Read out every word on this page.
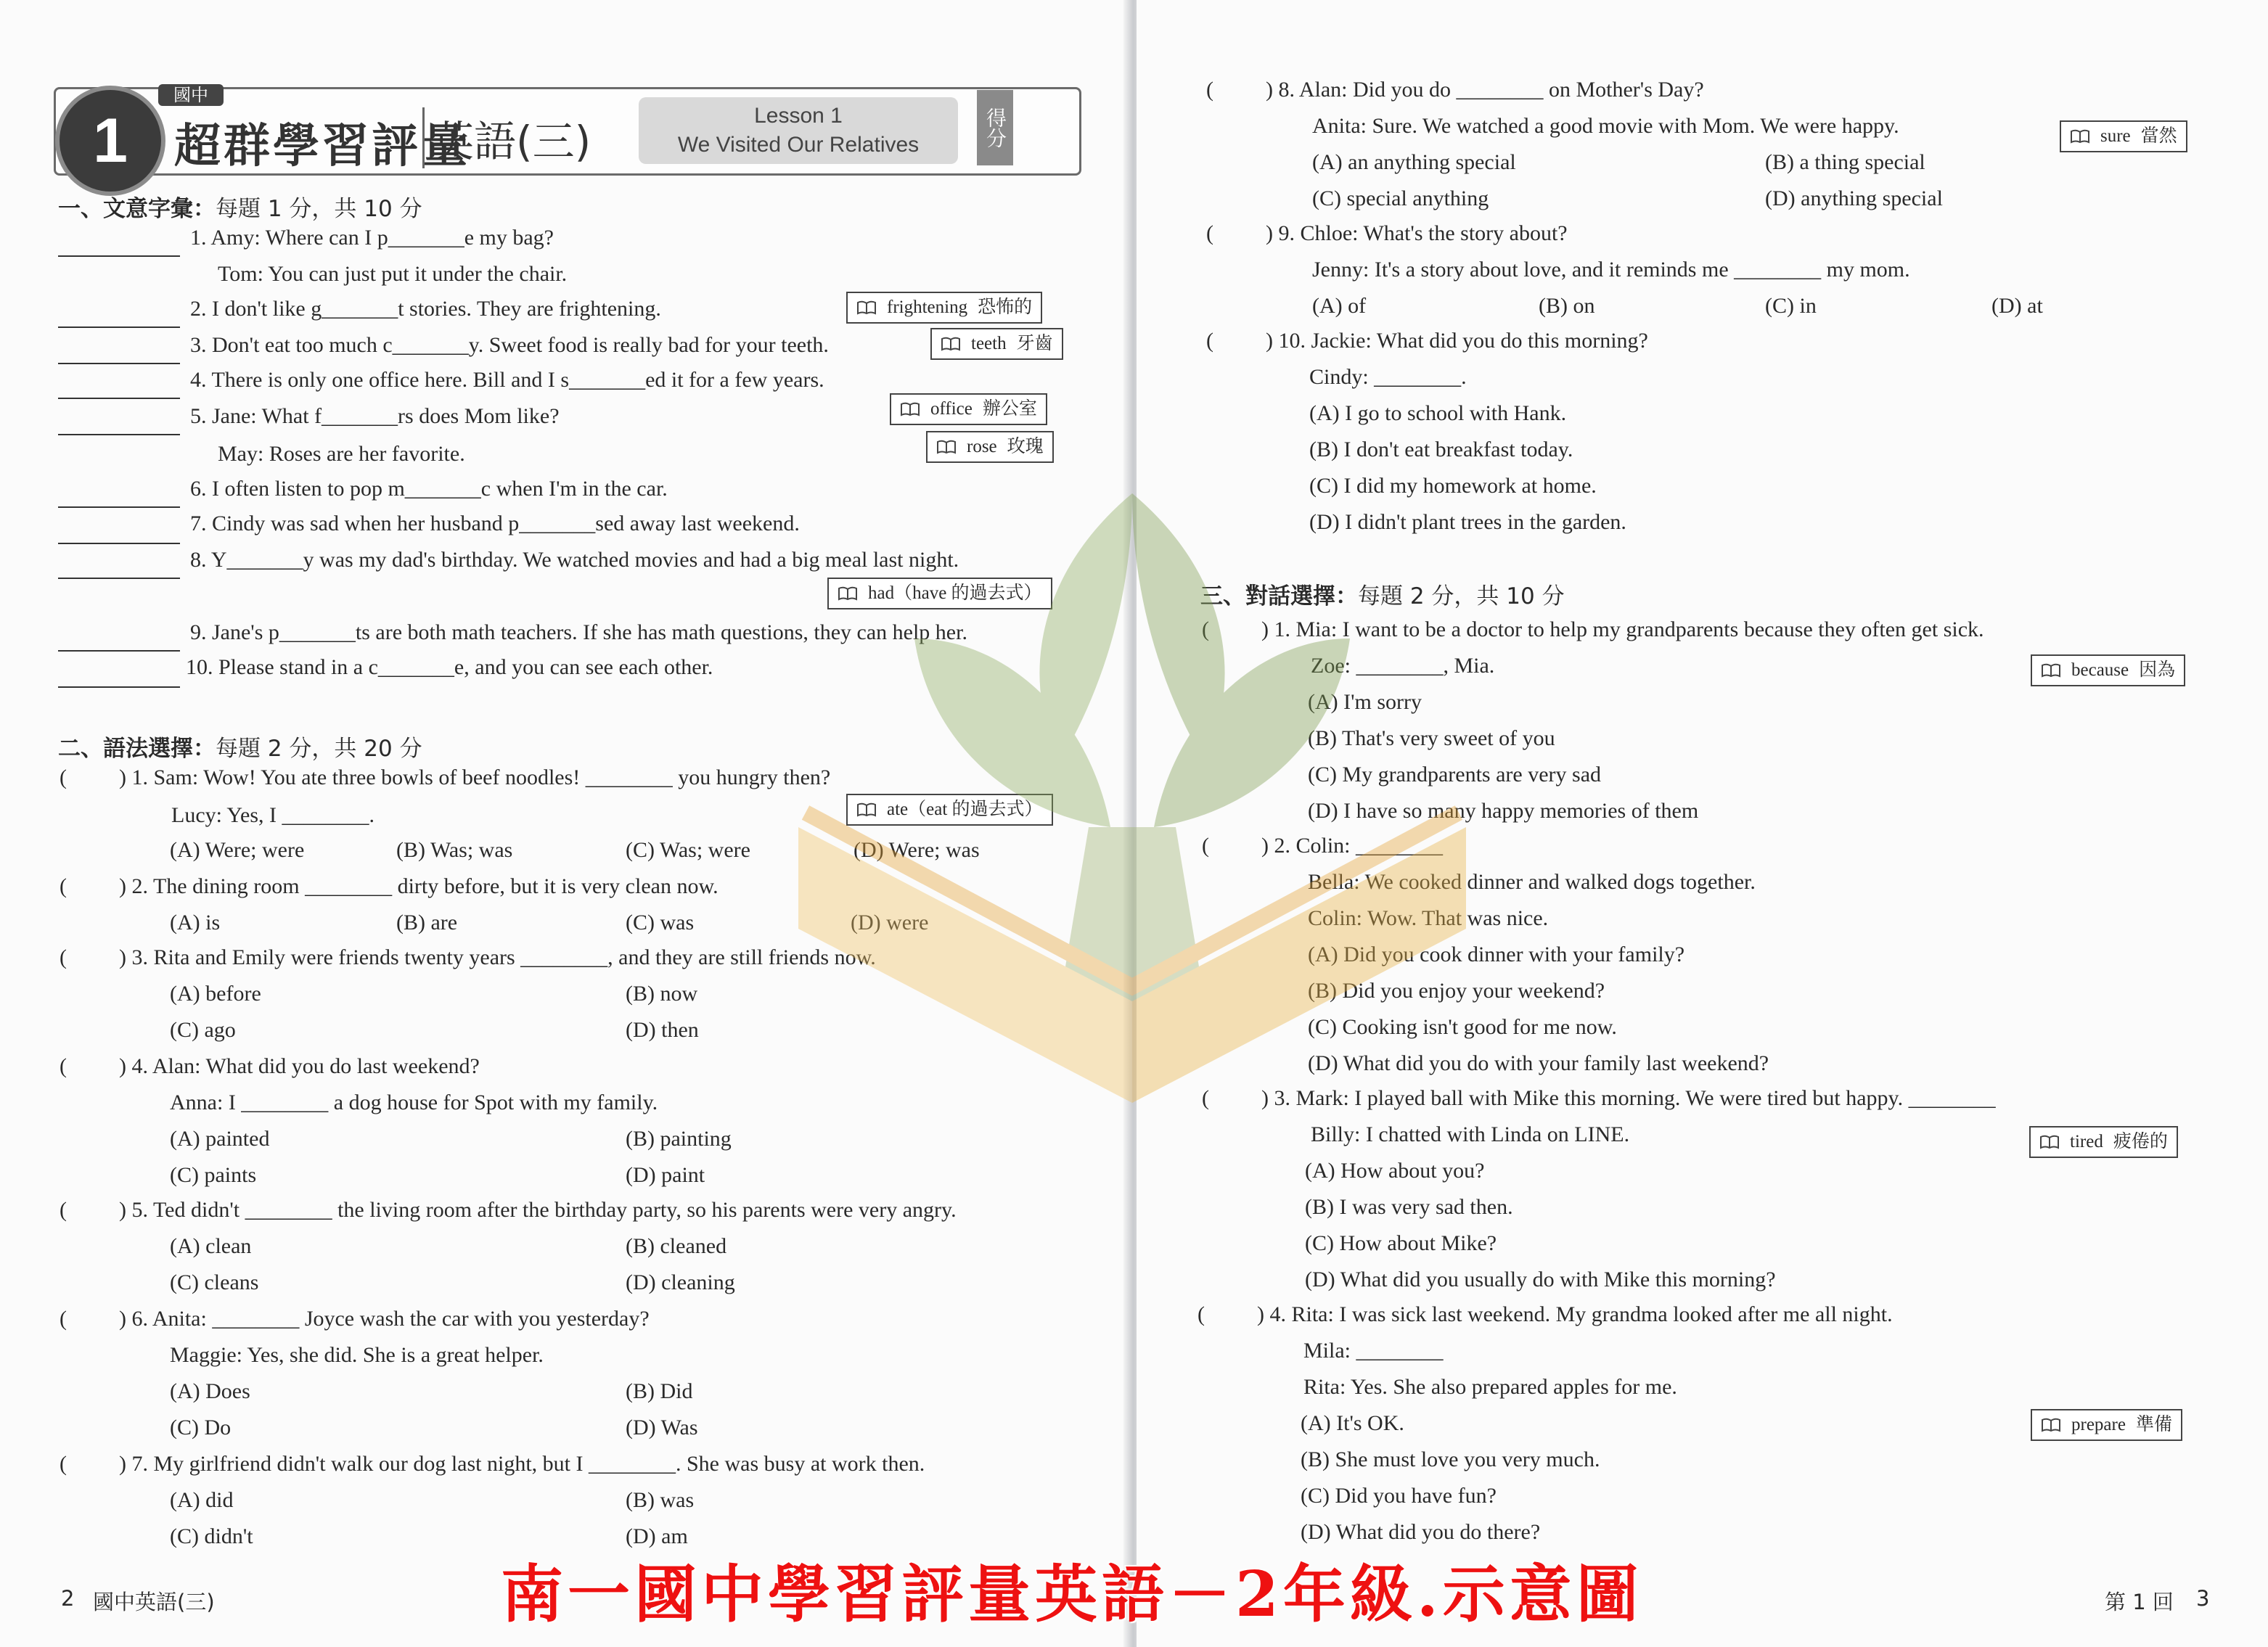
1
國中
超群學習評量
英語(三)
Lesson 1
We Visited Our Relatives	得分
一、文意字彙：每題 1 分，共 10 分
1. Amy: Where can I p_______e my bag?
Tom: You can just put it under the chair.
2. I don't like g_______t stories. They are frightening.
3. Don't eat too much c_______y. Sweet food is really bad for your teeth.
4. There is only one office here. Bill and I s_______ed it for a few years.
5. Jane: What f_______rs does Mom like?
May: Roses are her favorite.
6. I often listen to pop m_______c when I'm in the car.
7. Cindy was sad when her husband p_______sed away last weekend.
8. Y_______y was my dad's birthday. We watched movies and had a big meal last night.
9. Jane's p_______ts are both math teachers. If she has math questions, they can help her.
10. Please stand in a c_______e, and you can see each other.
frightening 恐怖的
teeth 牙齒
office 辦公室
rose 玫瑰
had（have 的過去式）
二、語法選擇：每題 2 分，共 20 分
( ) 1. Sam: Wow! You ate three bowls of beef noodles! ________ you hungry then?
Lucy: Yes, I ________.	ate（eat 的過去式）
(A) Were; were	(B) Was; was	(C) Was; were	(D) Were; was
( ) 2. The dining room ________ dirty before, but it is very clean now.
(A) is	(B) are	(C) was	(D) were
( ) 3. Rita and Emily were friends twenty years ________, and they are still friends now.
(A) before	(B) now
(C) ago	(D) then
( ) 4. Alan: What did you do last weekend?
Anna: I ________ a dog house for Spot with my family.
(A) painted	(B) painting
(C) paints	(D) paint
( ) 5. Ted didn't ________ the living room after the birthday party, so his parents were very angry.
(A) clean	(B) cleaned
(C) cleans	(D) cleaning
( ) 6. Anita: ________ Joyce wash the car with you yesterday?
Maggie: Yes, she did. She is a great helper.
(A) Does	(B) Did
(C) Do	(D) Was
( ) 7. My girlfriend didn't walk our dog last night, but I ________. She was busy at work then.
(A) did	(B) was
(C) didn't	(D) am
2 國中英語(三)
( ) 8. Alan: Did you do ________ on Mother's Day?
Anita: Sure. We watched a good movie with Mom. We were happy.	sure 當然
(A) an anything special	(B) a thing special
(C) special anything	(D) anything special
( ) 9. Chloe: What's the story about?
Jenny: It's a story about love, and it reminds me ________ my mom.
(A) of	(B) on	(C) in	(D) at
( ) 10. Jackie: What did you do this morning?
Cindy: ________.
(A) I go to school with Hank.
(B) I don't eat breakfast today.
(C) I did my homework at home.
(D) I didn't plant trees in the garden.
三、對話選擇：每題 2 分，共 10 分
( ) 1. Mia: I want to be a doctor to help my grandparents because they often get sick.
Zoe: ________, Mia.	because 因為
(A) I'm sorry
(B) That's very sweet of you
(C) My grandparents are very sad
(D) I have so many happy memories of them
( ) 2. Colin: ________
Bella: We cooked dinner and walked dogs together.
Colin: Wow. That was nice.
(A) Did you cook dinner with your family?
(B) Did you enjoy your weekend?
(C) Cooking isn't good for me now.
(D) What did you do with your family last weekend?
( ) 3. Mark: I played ball with Mike this morning. We were tired but happy. ________
Billy: I chatted with Linda on LINE.	tired 疲倦的
(A) How about you?
(B) I was very sad then.
(C) How about Mike?
(D) What did you usually do with Mike this morning?
( ) 4. Rita: I was sick last weekend. My grandma looked after me all night.
Mila: ________
Rita: Yes. She also prepared apples for me.
prepare 準備
(A) It's OK.
(B) She must love you very much.
(C) Did you have fun?
(D) What did you do there?
第 1 回 3
南一國中學習評量英語－2年級.示意圖
